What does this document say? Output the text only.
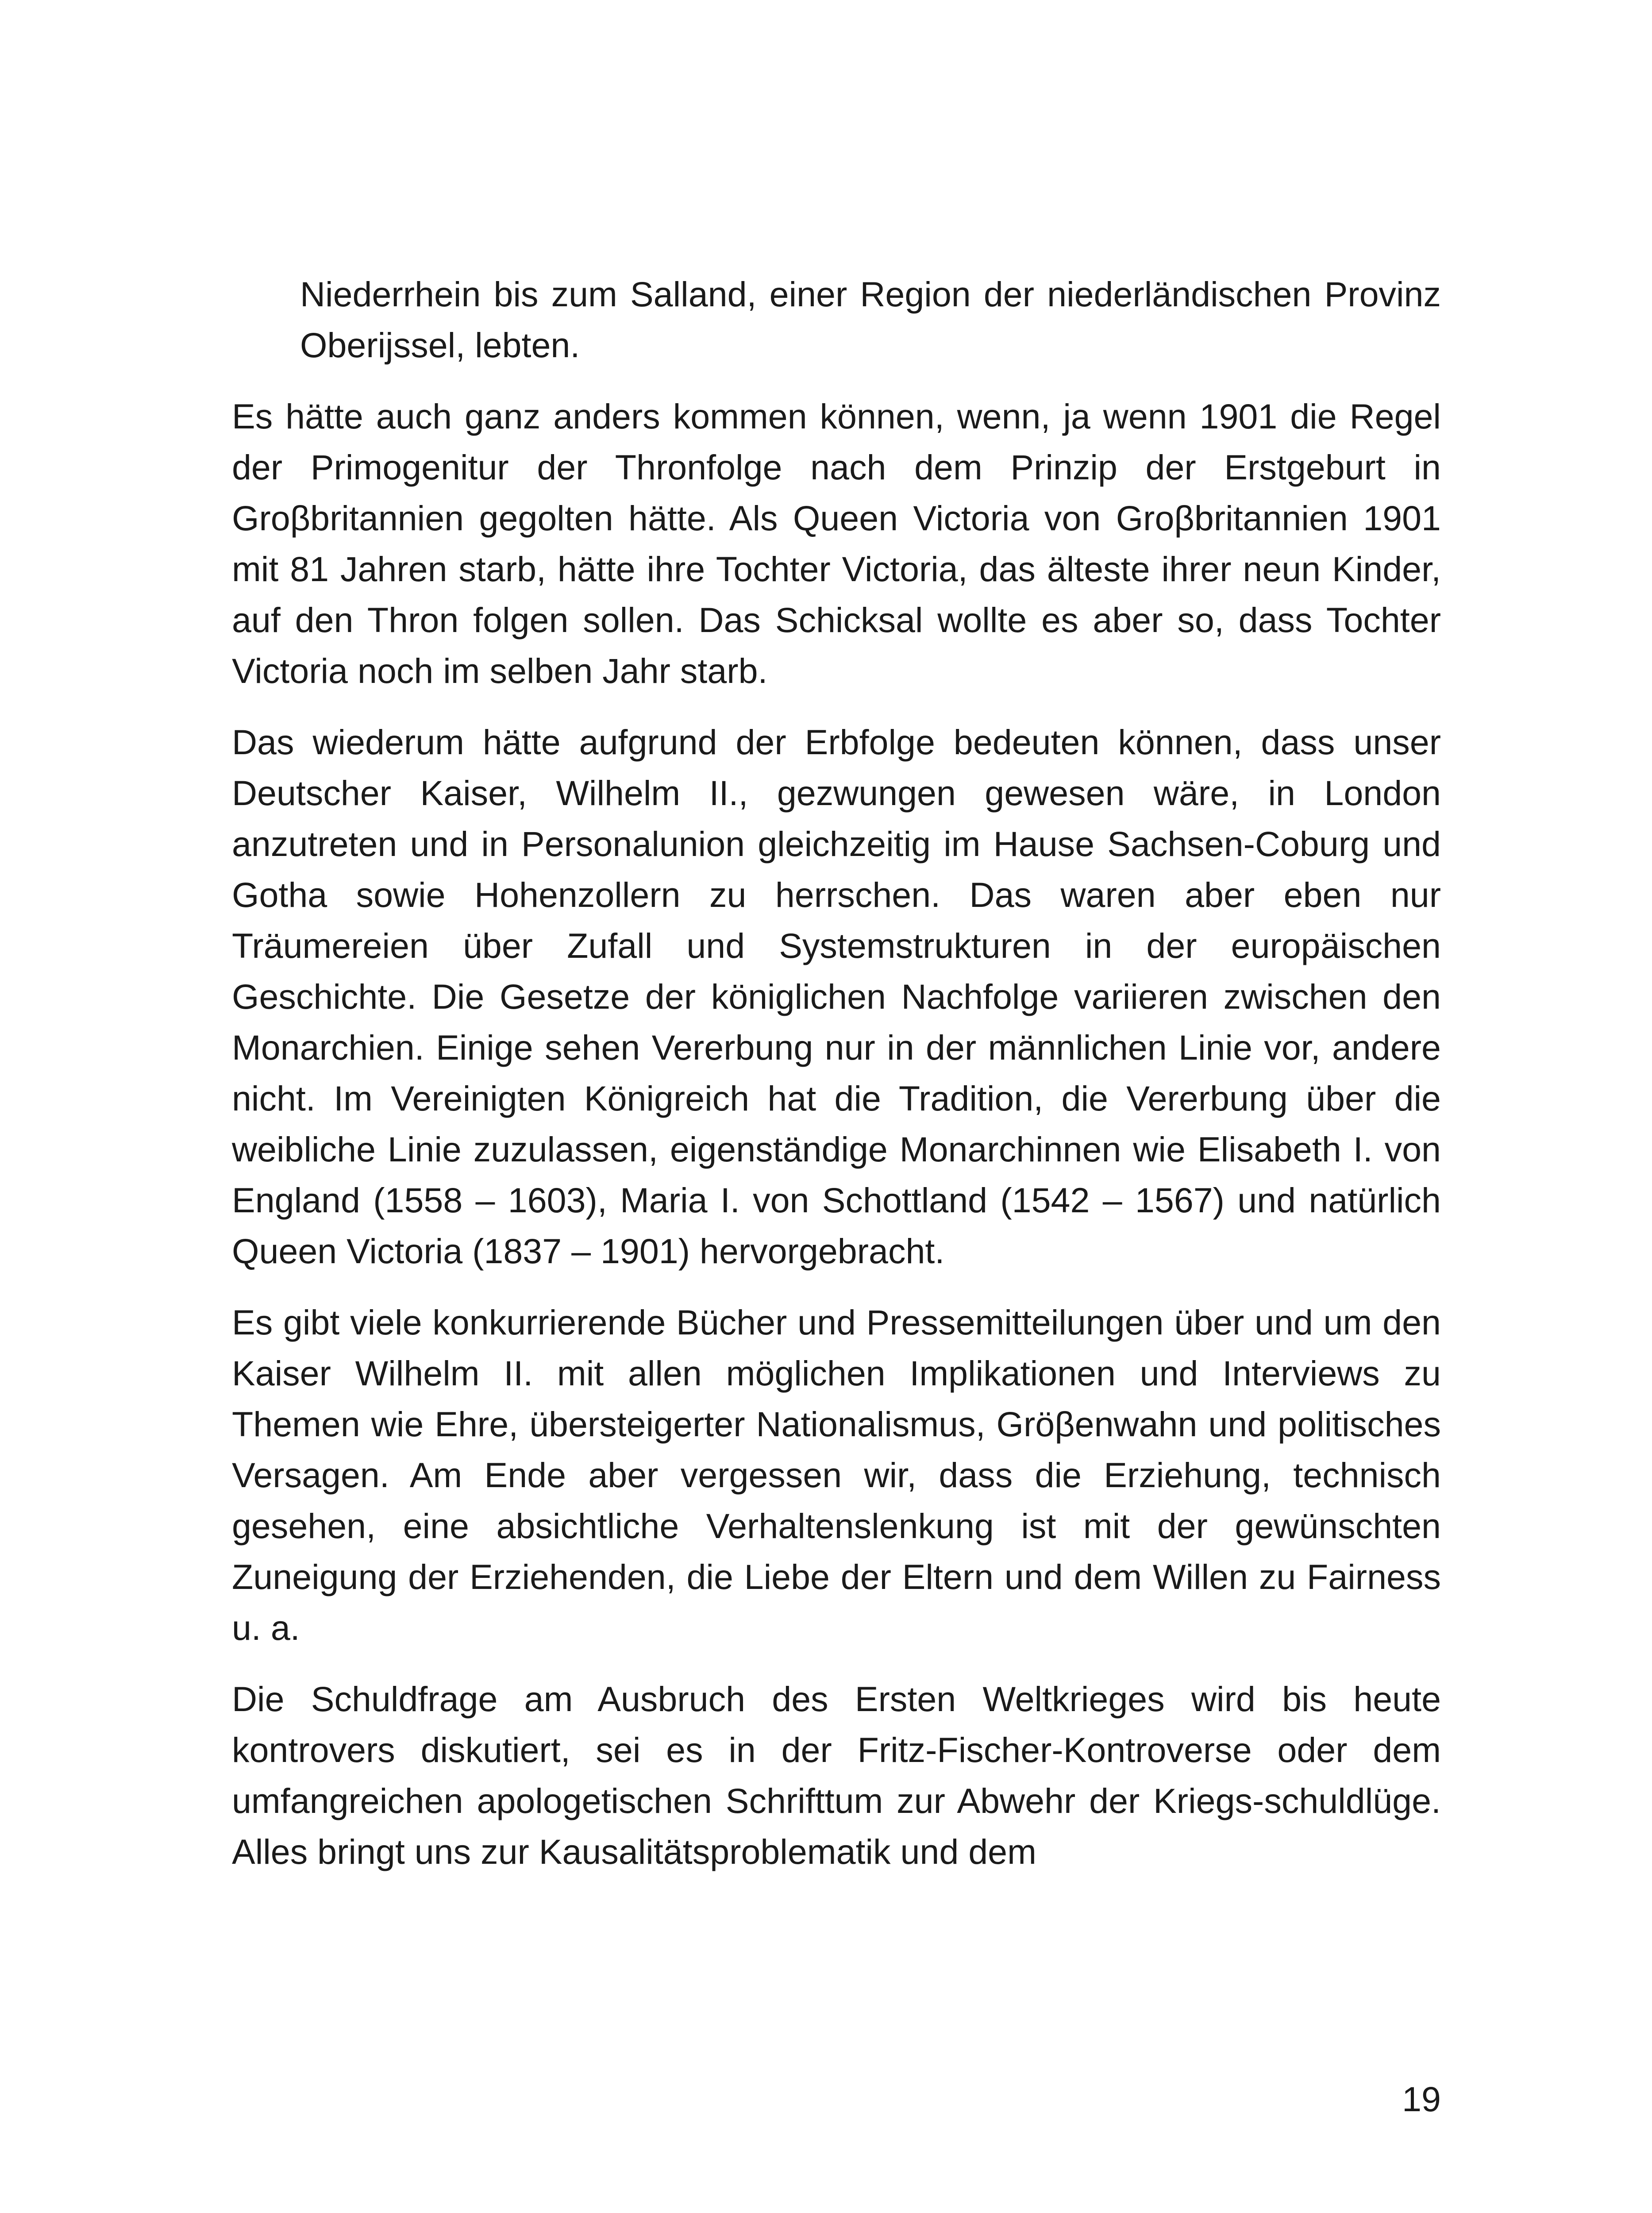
Niederrhein bis zum Salland, einer Region der niederländischen Provinz Oberijssel, lebten.

Es hätte auch ganz anders kommen können, wenn, ja wenn 1901 die Regel der Primogenitur der Thronfolge nach dem Prinzip der Erstgeburt in Groβbritannien gegolten hätte. Als Queen Victoria von Groβbritannien 1901 mit 81 Jahren starb, hätte ihre Tochter Victoria, das älteste ihrer neun Kinder, auf den Thron folgen sollen. Das Schicksal wollte es aber so, dass Tochter Victoria noch im selben Jahr starb.

Das wiederum hätte aufgrund der Erbfolge bedeuten können, dass unser Deutscher Kaiser, Wilhelm II., gezwungen gewesen wäre, in London anzutreten und in Personalunion gleichzeitig im Hause Sachsen-Coburg und Gotha sowie Hohenzollern zu herrschen. Das waren aber eben nur Träumereien über Zufall und Systemstrukturen in der europäischen Geschichte. Die Gesetze der königlichen Nachfolge variieren zwischen den Monarchien. Einige sehen Vererbung nur in der männlichen Linie vor, andere nicht. Im Vereinigten Königreich hat die Tradition, die Vererbung über die weibliche Linie zuzulassen, eigenständige Monarchinnen wie Elisabeth I. von England (1558 – 1603), Maria I. von Schottland (1542 – 1567) und natürlich Queen Victoria (1837 – 1901) hervorgebracht.

Es gibt viele konkurrierende Bücher und Pressemitteilungen über und um den Kaiser Wilhelm II. mit allen möglichen Implikationen und Interviews zu Themen wie Ehre, übersteigerter Nationalismus, Gröβenwahn und politisches Versagen. Am Ende aber vergessen wir, dass die Erziehung, technisch gesehen, eine absichtliche Verhaltenslenkung ist mit der gewünschten Zuneigung der Erziehenden, die Liebe der Eltern und dem Willen zu Fairness u. a.

Die Schuldfrage am Ausbruch des Ersten Weltkrieges wird bis heute kontrovers diskutiert, sei es in der Fritz-Fischer-Kontroverse oder dem umfangreichen apologetischen Schrifttum zur Abwehr der Kriegs-schuldlüge. Alles bringt uns zur Kausalitätsproblematik und dem

19
